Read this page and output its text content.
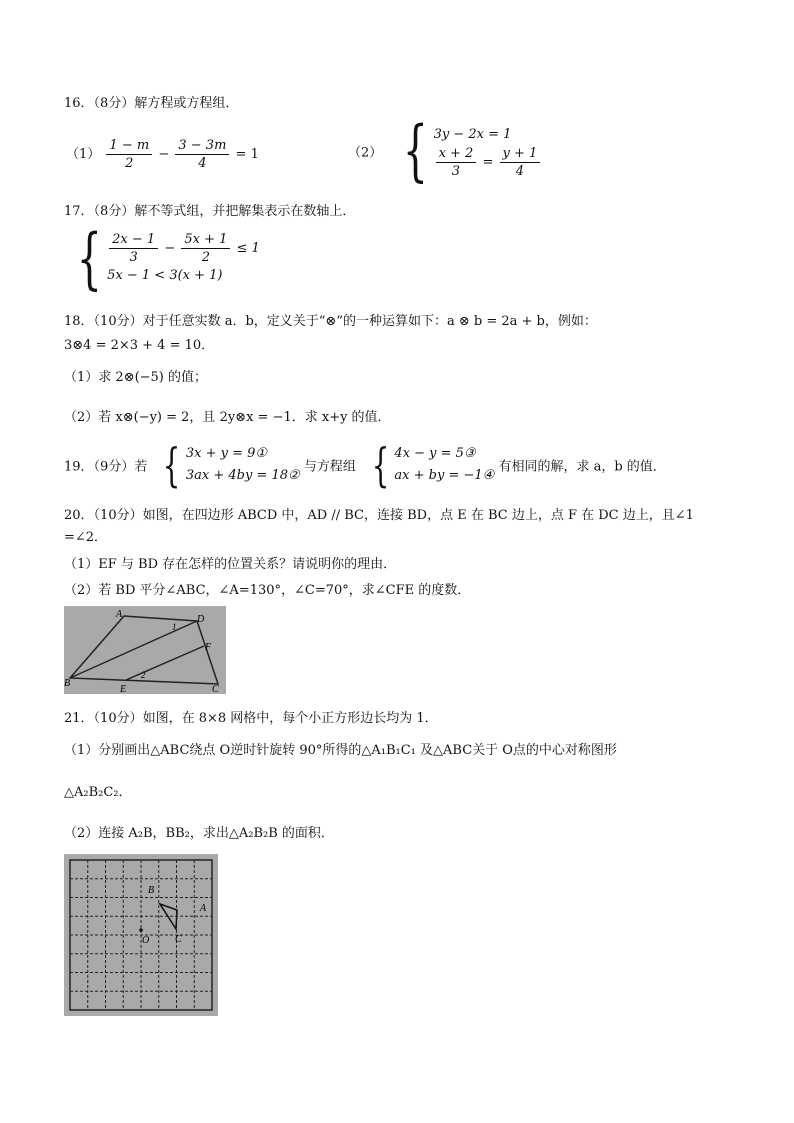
16．（8分）解方程或方程组．
$(1) \frac{1 - m}{2} - \frac{3 - 3m}{4} = 1$	（2） { 3y − 2x = 1
$\frac{x + 2}{3} = \frac{y + 1}{4}$
17．（8分）解不等式组，并把解集表示在数轴上．
{ $\frac{2x - 1}{3} - \frac{5x + 1}{2} \le 1$
5x − 1 < 3(x + 1)
18．（10分）对于任意实数 a．b，定义关于“⊗”的一种运算如下：a ⊗ b = 2a + b，例如：
3⊗4 = 2×3 + 4 = 10．
（1）求 2⊗(−5) 的值；
（2）若 x⊗(−y) = 2，且 2y⊗x = −1．求 x+y 的值．
19．（9分）若 { 3x + y = 9①
3ax + 4by = 18②
与方程组 { 4x − y = 5③
ax + by = −1④
有相同的解，求 a，b 的值．
20．（10分）如图，在四边形 ABCD 中，AD // BC，连接 BD，点 E 在 BC 边上，点 F 在 DC 边上，且∠1
=∠2．
（1）EF 与 BD 存在怎样的位置关系？请说明你的理由．
（2）若 BD 平分∠ABC，∠A=130°，∠C=70°，求∠CFE 的度数．
A
B
C
D
E
F
1
2
21．（10分）如图，在 8×8 网格中，每个小正方形边长均为 1．
（1）分别画出△ABC绕点 O逆时针旋转 90°所得的△A₁B₁C₁ 及△ABC关于 O点的中心对称图形
△A₂B₂C₂．
（2）连接 A₂B，BB₂，求出△A₂B₂B 的面积．
B
A
C
O
